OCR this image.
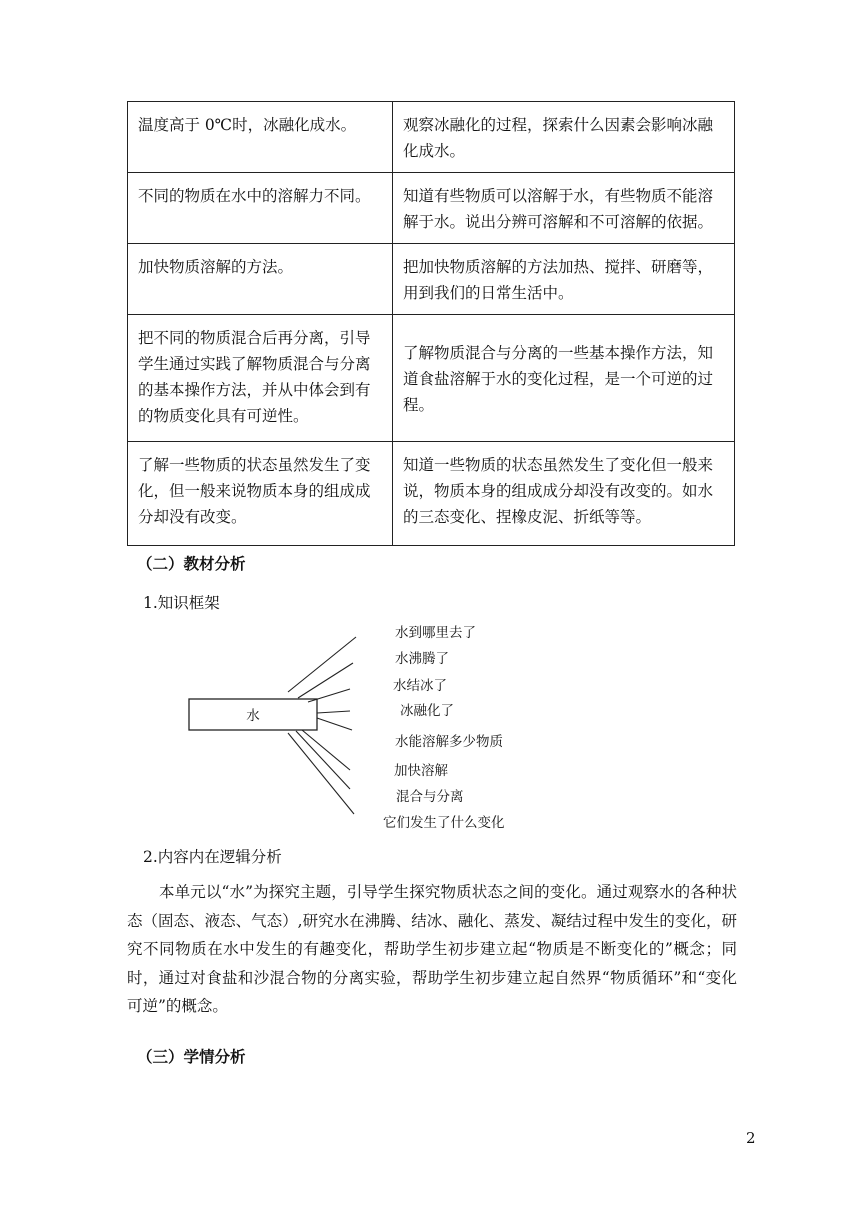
温度高于 0℃时，冰融化成水。	观察冰融化的过程，探索什么因素会影响冰融化成水。
不同的物质在水中的溶解力不同。	知道有些物质可以溶解于水，有些物质不能溶解于水。说出分辨可溶解和不可溶解的依据。
加快物质溶解的方法。	把加快物质溶解的方法加热、搅拌、研磨等，用到我们的日常生活中。
把不同的物质混合后再分离，引导学生通过实践了解物质混合与分离的基本操作方法，并从中体会到有的物质变化具有可逆性。	了解物质混合与分离的一些基本操作方法，知道食盐溶解于水的变化过程，是一个可逆的过程。
了解一些物质的状态虽然发生了变化，但一般来说物质本身的组成成分却没有改变。	知道一些物质的状态虽然发生了变化但一般来说，物质本身的组成成分却没有改变的。如水的三态变化、捏橡皮泥、折纸等等。
（二）教材分析
1.知识框架
水
水到哪里去了
水沸腾了
水结冰了
冰融化了
水能溶解多少物质
加快溶解
混合与分离
它们发生了什么变化
2.内容内在逻辑分析
本单元以“水”为探究主题，引导学生探究物质状态之间的变化。通过观察水的各种状态（固态、液态、气态）,研究水在沸腾、结冰、融化、蒸发、凝结过程中发生的变化，研究不同物质在水中发生的有趣变化，帮助学生初步建立起“物质是不断变化的”概念；同时，通过对食盐和沙混合物的分离实验，帮助学生初步建立起自然界“物质循环”和“变化可逆”的概念。
（三）学情分析
2
